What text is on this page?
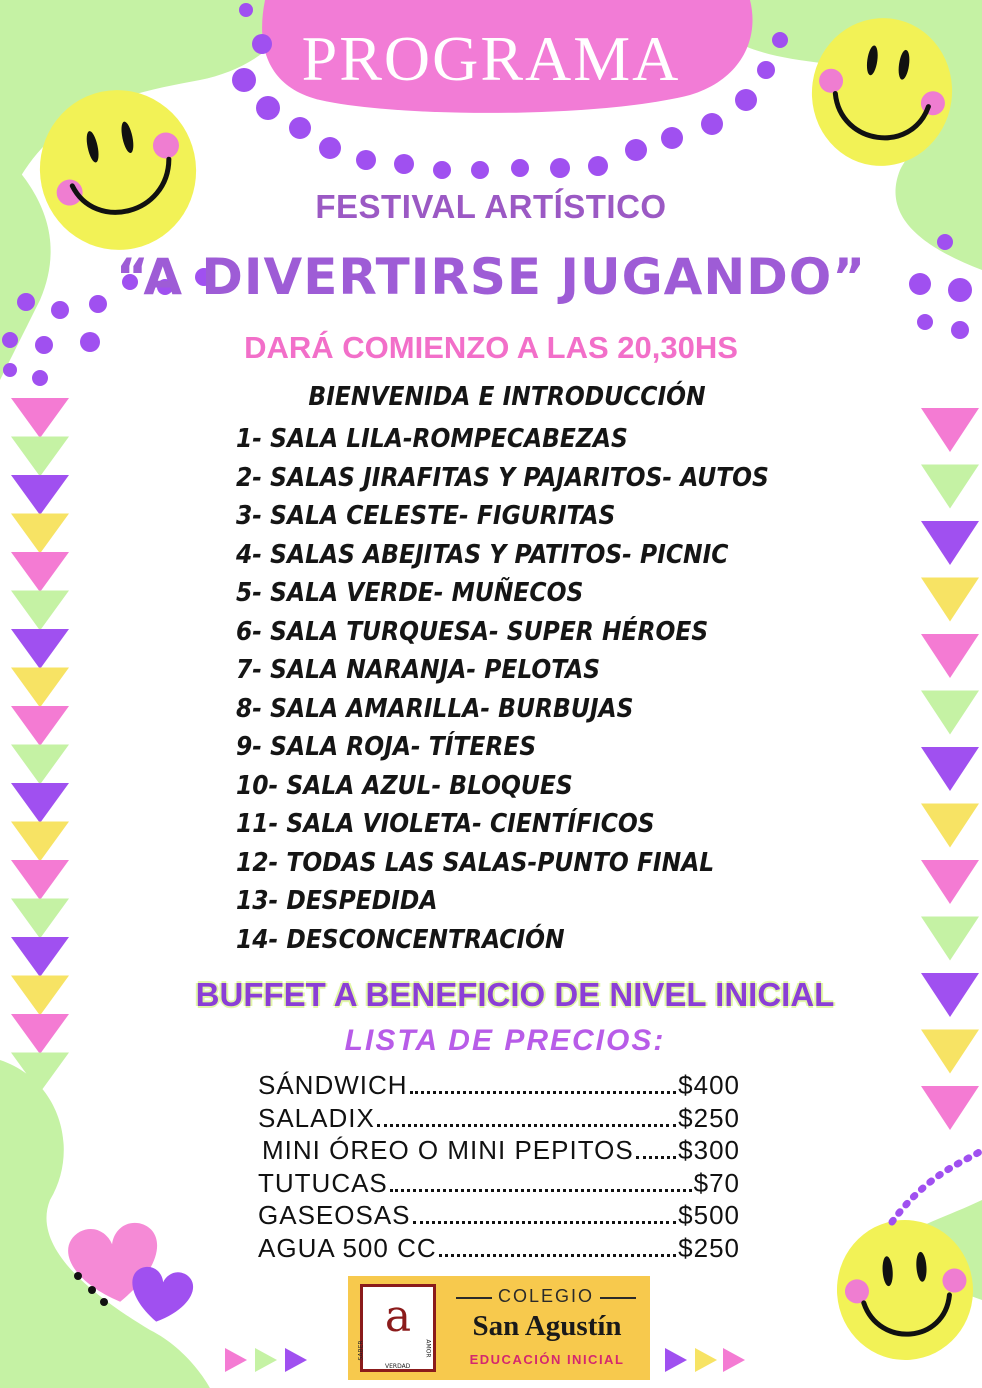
PROGRAMA
FESTIVAL ARTÍSTICO
“A DIVERTIRSE JUGANDO”
DARÁ COMIENZO A LAS 20,30HS
BIENVENIDA E INTRODUCCIÓN
1- SALA LILA-ROMPECABEZAS
2- SALAS JIRAFITAS Y PAJARITOS- AUTOS
3- SALA CELESTE- FIGURITAS
4- SALAS ABEJITAS Y PATITOS- PICNIC
5- SALA VERDE- MUÑECOS
6- SALA TURQUESA- SUPER HÉROES
7- SALA NARANJA- PELOTAS
8- SALA AMARILLA- BURBUJAS
9- SALA ROJA- TÍTERES
10- SALA AZUL- BLOQUES
11- SALA VIOLETA- CIENTÍFICOS
12- TODAS LAS SALAS-PUNTO FINAL
13- DESPEDIDA
14- DESCONCENTRACIÓN
BUFFET A BENEFICIO DE NIVEL INICIAL
LISTA DE PRECIOS:
SÁNDWICH	$400
SALADIX	$250
MINI ÓREO O MINI PEPITOS $300
TUTUCAS	$70
GASEOSAS	$500
AGUA 500 CC	$250
a
SABER
VERDAD
AMOR
COLEGIO
San Agustín
EDUCACIÓN INICIAL
